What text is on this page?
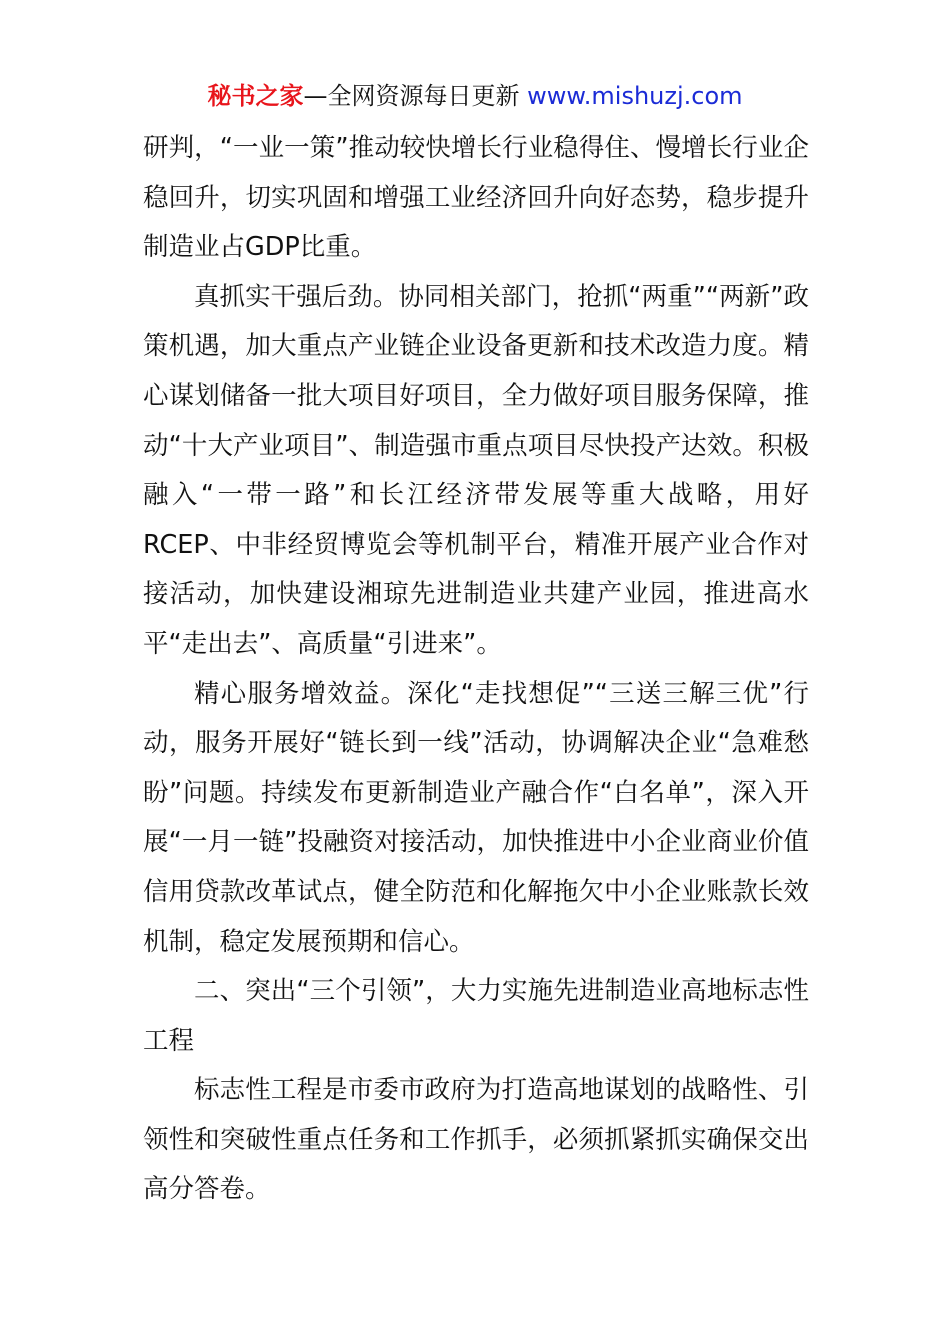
秘书之家—全网资源每日更新 www.mishuzj.com

研判，“一业一策”推动较快增长行业稳得住、慢增长行业企稳回升，切实巩固和增强工业经济回升向好态势，稳步提升制造业占GDP比重。

真抓实干强后劲。协同相关部门，抢抓“两重”“两新”政策机遇，加大重点产业链企业设备更新和技术改造力度。精心谋划储备一批大项目好项目，全力做好项目服务保障，推动“十大产业项目”、制造强市重点项目尽快投产达效。积极融入“一带一路”和长江经济带发展等重大战略，用好RCEP、中非经贸博览会等机制平台，精准开展产业合作对接活动，加快建设湘琼先进制造业共建产业园，推进高水平“走出去”、高质量“引进来”。

精心服务增效益。深化“走找想促”“三送三解三优”行动，服务开展好“链长到一线”活动，协调解决企业“急难愁盼”问题。持续发布更新制造业产融合作“白名单”，深入开展“一月一链”投融资对接活动，加快推进中小企业商业价值信用贷款改革试点，健全防范和化解拖欠中小企业账款长效机制，稳定发展预期和信心。

二、突出“三个引领”，大力实施先进制造业高地标志性工程

标志性工程是市委市政府为打造高地谋划的战略性、引领性和突破性重点任务和工作抓手，必须抓紧抓实确保交出高分答卷。
